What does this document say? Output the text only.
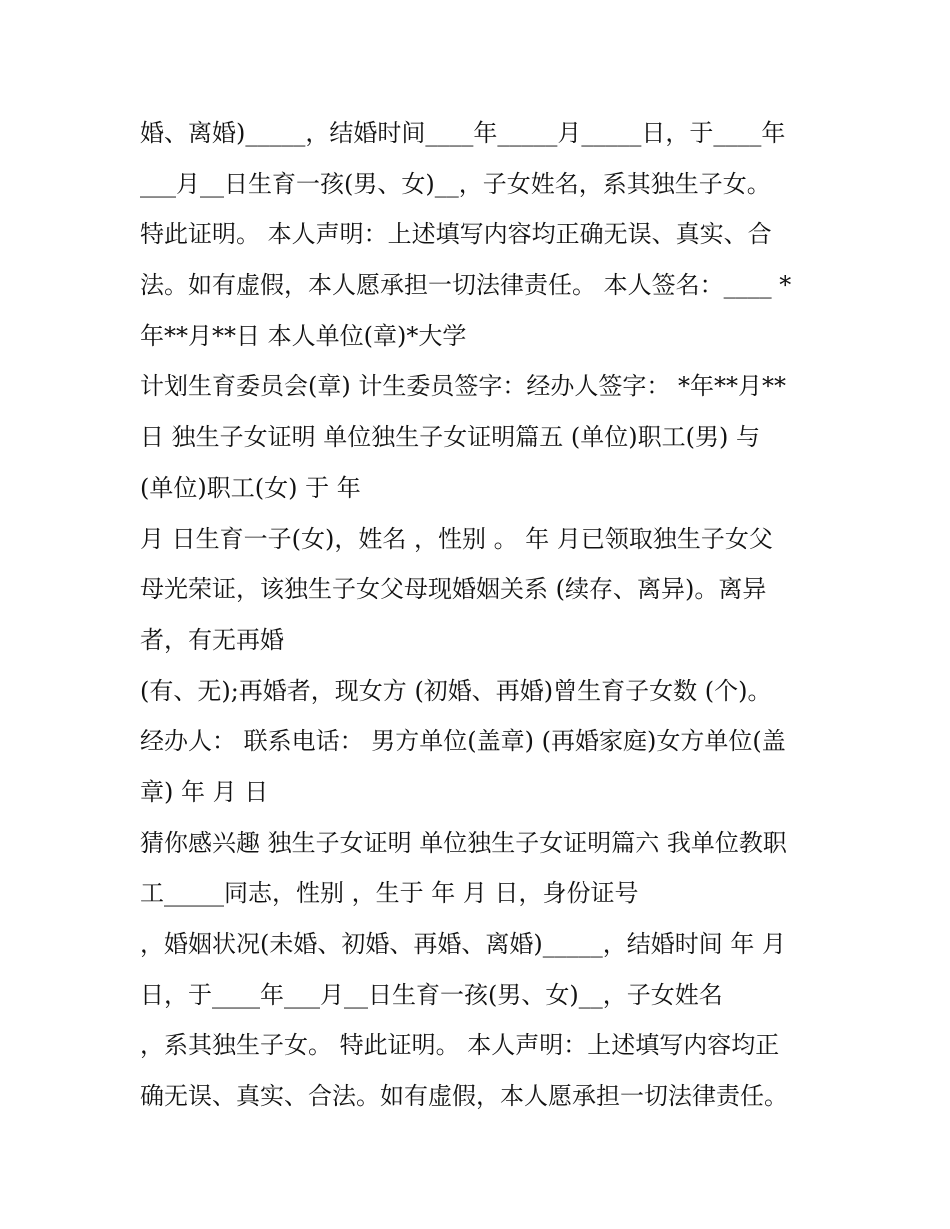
婚、离婚)_____，结婚时间____年_____月_____日，于____年
___月__日生育一孩(男、女)__，子女姓名，系其独生子女。
特此证明。 本人声明：上述填写内容均正确无误、真实、合
法。如有虚假，本人愿承担一切法律责任。 本人签名：____ *
年**月**日 本人单位(章)*大学
计划生育委员会(章) 计生委员签字：经办人签字： *年**月**
日 独生子女证明 单位独生子女证明篇五 (单位)职工(男) 与
(单位)职工(女) 于 年
月 日生育一子(女)，姓名 ，性别 。 年 月已领取独生子女父
母光荣证，该独生子女父母现婚姻关系 (续存、离异)。离异
者，有无再婚
(有、无);再婚者，现女方 (初婚、再婚)曾生育子女数 (个)。
经办人： 联系电话： 男方单位(盖章) (再婚家庭)女方单位(盖
章) 年 月 日
猜你感兴趣 独生子女证明 单位独生子女证明篇六 我单位教职
工_____同志，性别 ，生于 年 月 日，身份证号
，婚姻状况(未婚、初婚、再婚、离婚)_____，结婚时间 年 月
日，于____年___月__日生育一孩(男、女)__，子女姓名
，系其独生子女。 特此证明。 本人声明：上述填写内容均正
确无误、真实、合法。如有虚假，本人愿承担一切法律责任。
